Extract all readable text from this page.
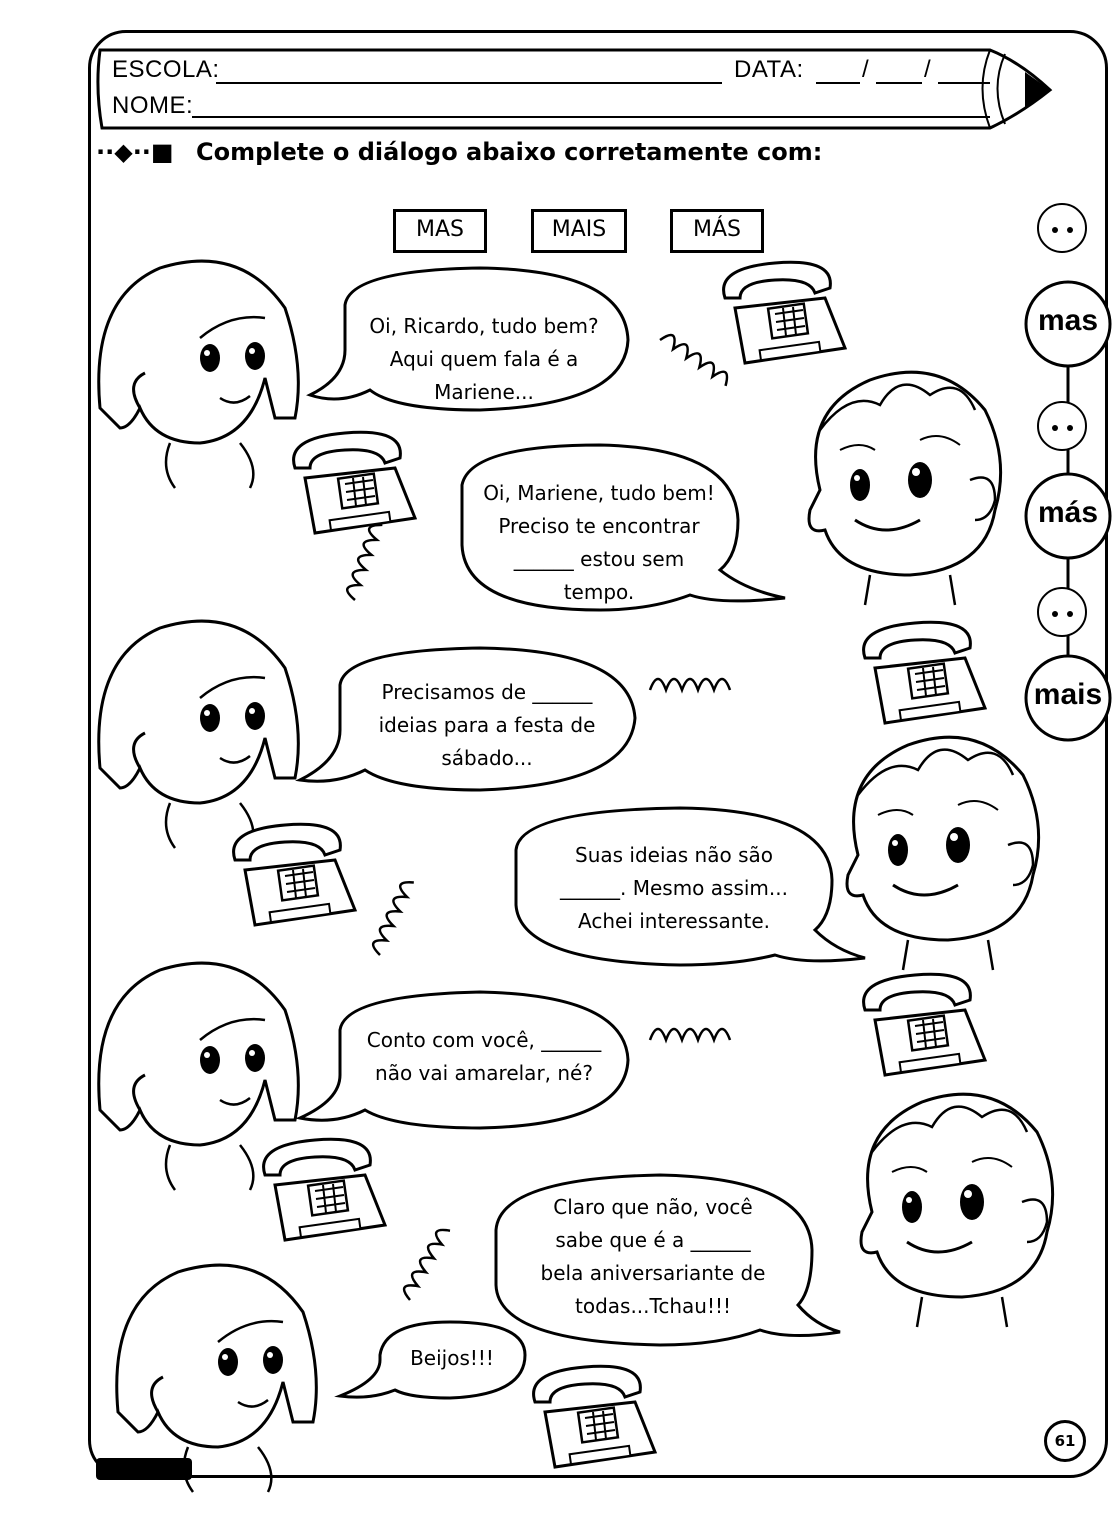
ESCOLA:	DATA: / /
NOME:
··◆··■ Complete o diálogo abaixo corretamente com:
MAS	MAIS	MÁS
Oi, Ricardo, tudo bem?
Aqui quem fala é a
Mariene...
Oi, Mariene, tudo bem!
Preciso te encontrar
______ estou sem
tempo.
Precisamos de ______
ideias para a festa de
sábado...
Suas ideias não são
______. Mesmo assim...
Achei interessante.
Conto com você, ______
não vai amarelar, né?
Claro que não, você
sabe que é a ______
bela aniversariante de
todas...Tchau!!!
Beijos!!!
mas
más
mais
61
